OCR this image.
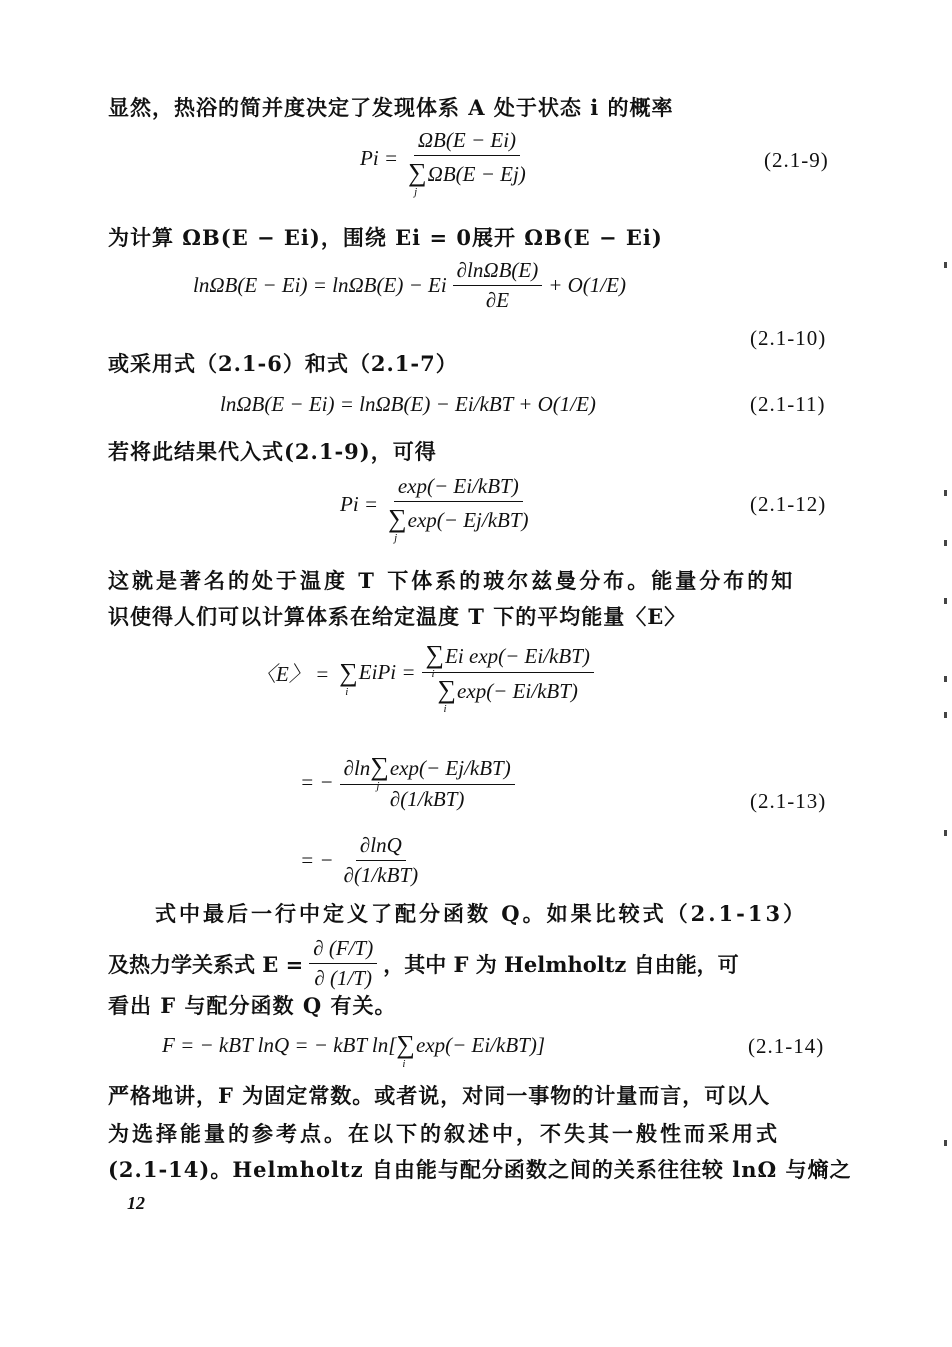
显然，热浴的简并度决定了发现体系 A 处于状态 i 的概率
Pi = ΩB(E − Ei)
∑
j
ΩB(E − Ej)	(2.1-9)
为计算 ΩB(E − Ei)，围绕 Ei = 0展开 ΩB(E − Ei)
lnΩB(E − Ei) = lnΩB(E) − Ei $\frac{\partial\ln\Omega B(E)}{\partial E} + O(1/E)$
(2.1-10)
或采用式（2.1-6）和式（2.1-7）
lnΩB(E − Ei) = lnΩB(E) − Ei/kBT + O(1/E)	(2.1-11)
若将此结果代入式(2.1-9)，可得
Pi = exp(− Ei/kBT)
∑
j
exp(− Ej/kBT)	(2.1-12)
这就是著名的处于温度 T 下体系的玻尔兹曼分布。能量分布的知
识使得人们可以计算体系在给定温度 T 下的平均能量〈E〉
〈E〉 = ∑
i
EiPi = ∑
i
Ei exp(− Ei/kBT)
∑
i
exp(− Ei/kBT)
= − ∂ln∑
j
exp(− Ej/kBT)
∂(1/kBT)	(2.1-13)
= − $\frac{\partial\ln Q}{\text{∂(1/kBT)}}$
式中最后一行中定义了配分函数 Q。如果比较式（2.1-13）
及热力学关系式 $E = \frac{\partial (F/T)}{\partial (1/T)}$ ，其中 F 为 Helmholtz 自由能，可
看出 F 与配分函数 Q 有关。
F = − kBT lnQ = − kBT ln[ ∑
i
exp(− Ei/kBT) ]	(2.1-14)
严格地讲，F 为固定常数。或者说，对同一事物的计量而言，可以人
为选择能量的参考点。在以下的叙述中，不失其一般性而采用式
(2.1-14)。Helmholtz 自由能与配分函数之间的关系往往较 lnΩ 与熵之
12
